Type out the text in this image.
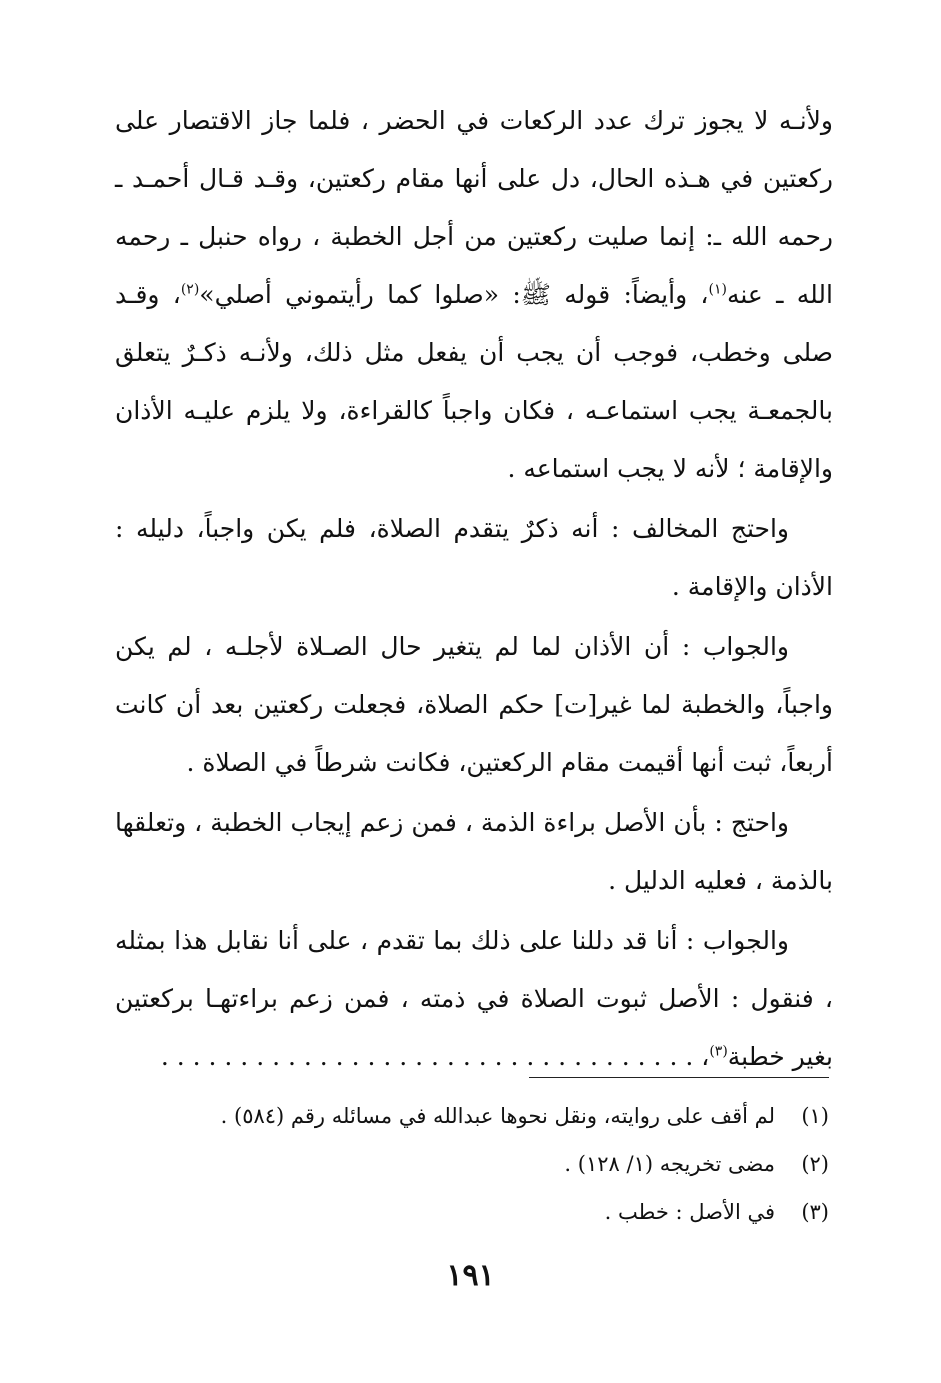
ولأنـه لا يجوز ترك عدد الركعات في الحضر ، فلما جاز الاقتصار على ركعتين في هـذه الحال، دل على أنها مقام ركعتين، وقـد قـال أحمـد ـ رحمه الله ـ: إنما صليت ركعتين من أجل الخطبة ، رواه حنبل ـ رحمه الله ـ عنه$^{(١)}$، وأيضاً: قوله ﷺ: «صلوا كما رأيتموني أصلي»$^{(٢)}$، وقـد صلى وخطب، فوجب أن يجب أن يفعل مثل ذلك، ولأنـه ذكـرٌ يتعلق بالجمعـة يجب استماعـه ، فكان واجباً كالقراءة، ولا يلزم عليـه الأذان والإقامة ؛ لأنه لا يجب استماعه .

واحتج المخالف : أنه ذكرٌ يتقدم الصلاة، فلم يكن واجباً، دليله : الأذان والإقامة .

والجواب : أن الأذان لما لم يتغير حال الصـلاة لأجلـه ، لم يكن واجباً، والخطبة لما غير[ت] حكم الصلاة، فجعلت ركعتين بعد أن كانت أربعاً، ثبت أنها أقيمت مقام الركعتين، فكانت شرطاً في الصلاة .

واحتج : بأن الأصل براءة الذمة ، فمن زعم إيجاب الخطبة ، وتعلقها بالذمة ، فعليه الدليل .

والجواب : أنا قد دللنا على ذلك بما تقدم ، على أنا نقابل هذا بمثله ، فنقول : الأصل ثبوت الصلاة في ذمته ، فمن زعم براءتهـا بركعتين بغير خطبة$^{(٣)}$، . . . . . . . . . . . . . . . . . . . . . . . . . . . . . . . . . .

(١)
لم أقف على روايته، ونقل نحوها عبدالله في مسائله رقم (٥٨٤) .
(٢)
مضى تخريجه (١/ ١٢٨) .
(٣)
في الأصل : خطب .
١٩١
